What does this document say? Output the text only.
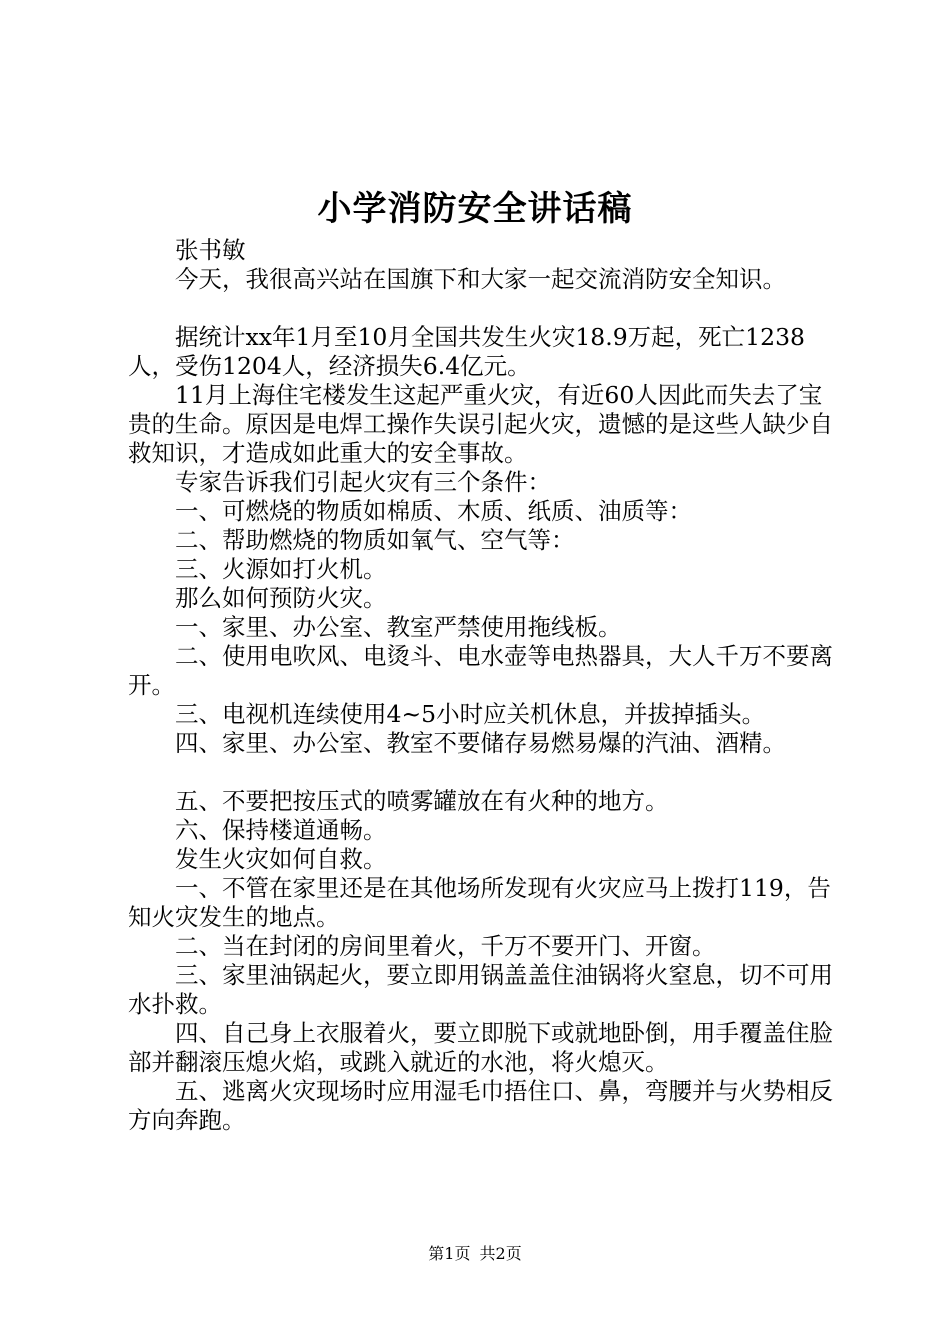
小学消防安全讲话稿

张书敏

今天，我很高兴站在国旗下和大家一起交流消防安全知识。

据统计xx年1月至10月全国共发生火灾18.9万起，死亡1238人，受伤1204人，经济损失6.4亿元。

11月上海住宅楼发生这起严重火灾，有近60人因此而失去了宝贵的生命。原因是电焊工操作失误引起火灾，遗憾的是这些人缺少自救知识，才造成如此重大的安全事故。

专家告诉我们引起火灾有三个条件：

一、可燃烧的物质如棉质、木质、纸质、油质等：

二、帮助燃烧的物质如氧气、空气等：

三、火源如打火机。

那么如何预防火灾。

一、家里、办公室、教室严禁使用拖线板。

二、使用电吹风、电烫斗、电水壶等电热器具，大人千万不要离开。

三、电视机连续使用4~5小时应关机休息，并拔掉插头。

四、家里、办公室、教室不要储存易燃易爆的汽油、酒精。

五、不要把按压式的喷雾罐放在有火种的地方。

六、保持楼道通畅。

发生火灾如何自救。

一、不管在家里还是在其他场所发现有火灾应马上拨打119，告知火灾发生的地点。

二、当在封闭的房间里着火，千万不要开门、开窗。

三、家里油锅起火，要立即用锅盖盖住油锅将火窒息，切不可用水扑救。

四、自己身上衣服着火，要立即脱下或就地卧倒，用手覆盖住脸部并翻滚压熄火焰，或跳入就近的水池，将火熄灭。

五、逃离火灾现场时应用湿毛巾捂住口、鼻，弯腰并与火势相反方向奔跑。

第1页 共2页
